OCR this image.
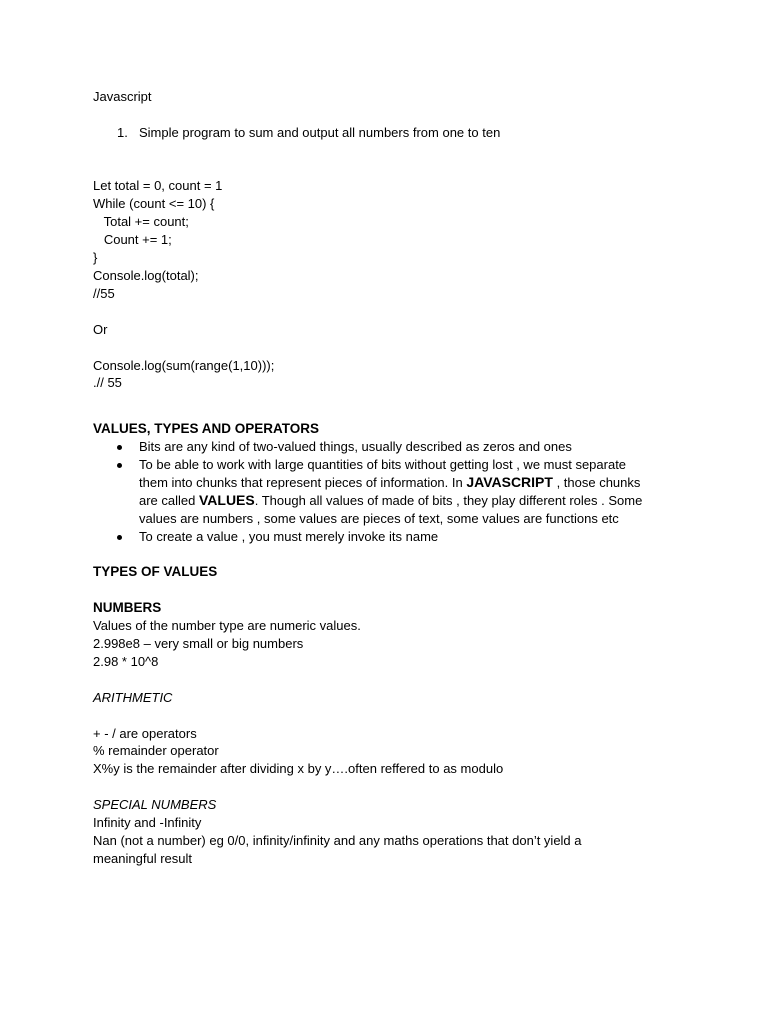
Javascript
1. Simple program to sum and output all numbers from one to ten
Let total = 0, count = 1
While (count <= 10) {
Total += count;
Count += 1;
}
Console.log(total);
//55
Or
Console.log(sum(range(1,10)));
.// 55
VALUES, TYPES AND OPERATORS
Bits are any kind of two-valued things, usually described as zeros and ones
To be able to work with large quantities of bits without getting lost , we must separate them into chunks that represent pieces of information. In JAVASCRIPT , those chunks are called VALUES. Though all values of made of bits , they play different roles . Some values are numbers , some values are pieces of text, some values are functions etc
To create a value , you must merely invoke its name
TYPES OF VALUES
NUMBERS
Values of the number type are numeric values.
2.998e8 – very small or big numbers
2.98 * 10^8
ARITHMETIC
+ - / are operators
% remainder operator
X%y is the remainder after dividing x by y….often reffered to as modulo
SPECIAL NUMBERS
Infinity and -Infinity
Nan (not a number) eg 0/0, infinity/infinity and any maths operations that don’t yield a meaningful result
